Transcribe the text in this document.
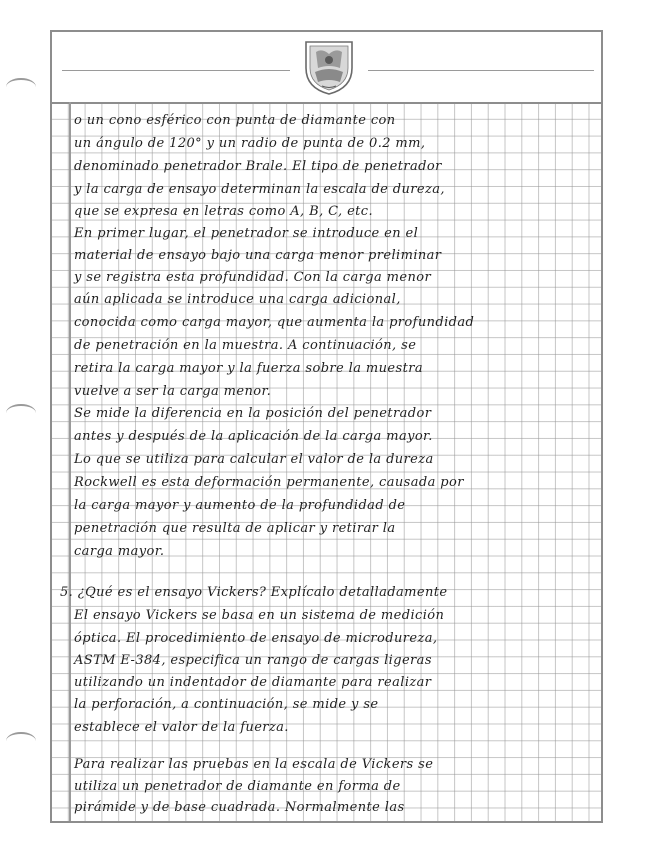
o un cono esférico con punta de diamante con
un ángulo de 120° y un radio de punta de 0.2 mm,
denominado penetrador Brale. El tipo de penetrador
y la carga de ensayo determinan la escala de dureza,
que se expresa en letras como A, B, C, etc.
En primer lugar, el penetrador se introduce en el
material de ensayo bajo una carga menor preliminar
y se registra esta profundidad. Con la carga menor
aún aplicada se introduce una carga adicional,
conocida como carga mayor, que aumenta la profundidad
de penetración en la muestra. A continuación, se
retira la carga mayor y la fuerza sobre la muestra
vuelve a ser la carga menor.
Se mide la diferencia en la posición del penetrador
antes y después de la aplicación de la carga mayor.
Lo que se utiliza para calcular el valor de la dureza
Rockwell es esta deformación permanente, causada por
la carga mayor y aumento de la profundidad de
penetración que resulta de aplicar y retirar la
carga mayor.
5. ¿Qué es el ensayo Vickers? Explícalo detalladamente
El ensayo Vickers se basa en un sistema de medición
óptica. El procedimiento de ensayo de microdureza,
ASTM E-384, especifica un rango de cargas ligeras
utilizando un indentador de diamante para realizar
la perforación, a continuación, se mide y se
establece el valor de la fuerza.
Para realizar las pruebas en la escala de Vickers se
utiliza un penetrador de diamante en forma de
pirámide y de base cuadrada. Normalmente las
